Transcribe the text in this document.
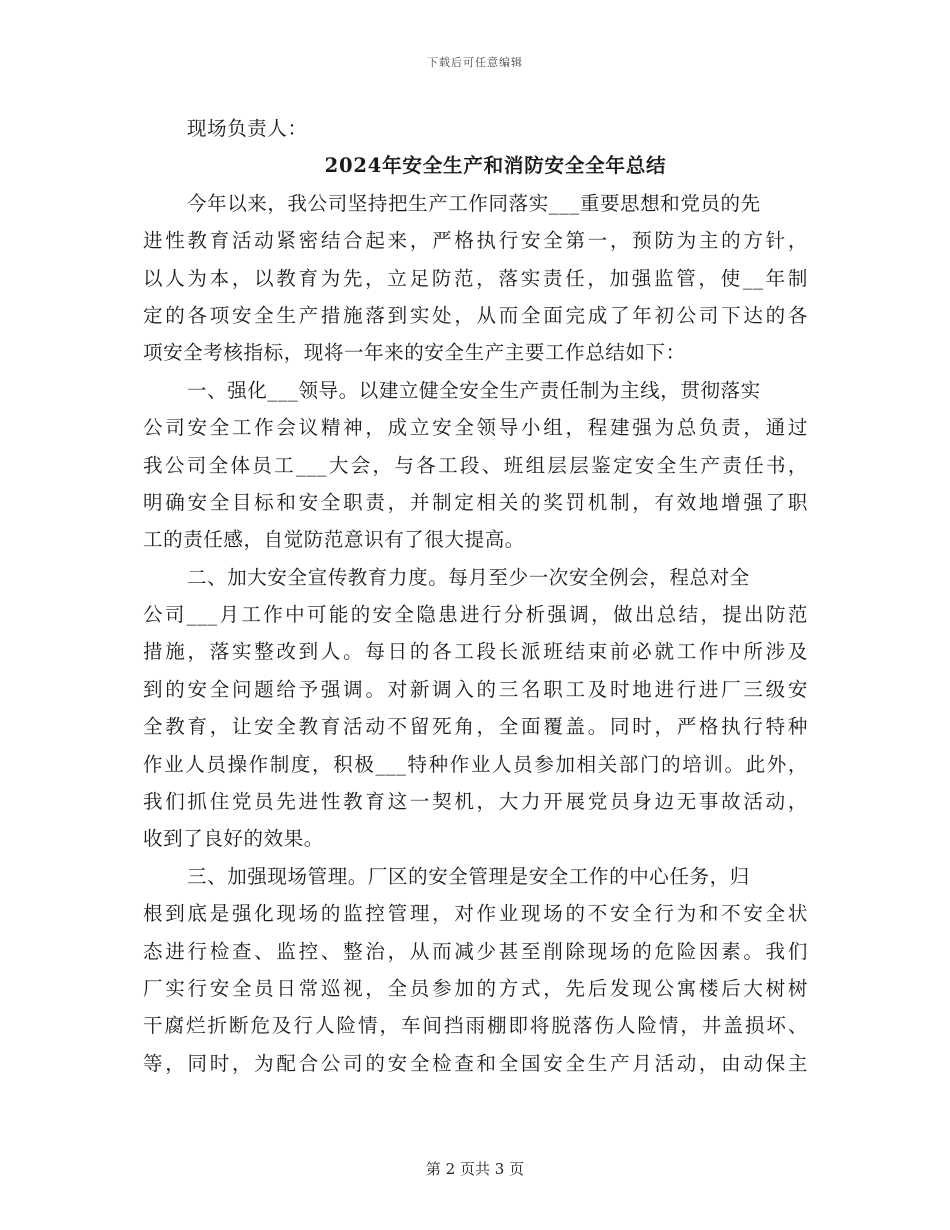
下载后可任意编辑
现场负责人：
2024年安全生产和消防安全全年总结
今年以来，我公司坚持把生产工作同落实___重要思想和党员的先
进性教育活动紧密结合起来，严格执行安全第一，预防为主的方针，
以人为本，以教育为先，立足防范，落实责任，加强监管，使__年制
定的各项安全生产措施落到实处，从而全面完成了年初公司下达的各
项安全考核指标，现将一年来的安全生产主要工作总结如下：
一、强化___领导。以建立健全安全生产责任制为主线，贯彻落实
公司安全工作会议精神，成立安全领导小组，程建强为总负责，通过
我公司全体员工___大会，与各工段、班组层层鉴定安全生产责任书，
明确安全目标和安全职责，并制定相关的奖罚机制，有效地增强了职
工的责任感，自觉防范意识有了很大提高。
二、加大安全宣传教育力度。每月至少一次安全例会，程总对全
公司___月工作中可能的安全隐患进行分析强调，做出总结，提出防范
措施，落实整改到人。每日的各工段长派班结束前必就工作中所涉及
到的安全问题给予强调。对新调入的三名职工及时地进行进厂三级安
全教育，让安全教育活动不留死角，全面覆盖。同时，严格执行特种
作业人员操作制度，积极___特种作业人员参加相关部门的培训。此外，
我们抓住党员先进性教育这一契机，大力开展党员身边无事故活动，
收到了良好的效果。
三、加强现场管理。厂区的安全管理是安全工作的中心任务，归
根到底是强化现场的监控管理，对作业现场的不安全行为和不安全状
态进行检查、监控、整治，从而减少甚至削除现场的危险因素。我们
厂实行安全员日常巡视，全员参加的方式，先后发现公寓楼后大树树
干腐烂折断危及行人险情，车间挡雨棚即将脱落伤人险情，井盖损坏、
等，同时，为配合公司的安全检查和全国安全生产月活动，由动保主
第 2 页共 3 页
